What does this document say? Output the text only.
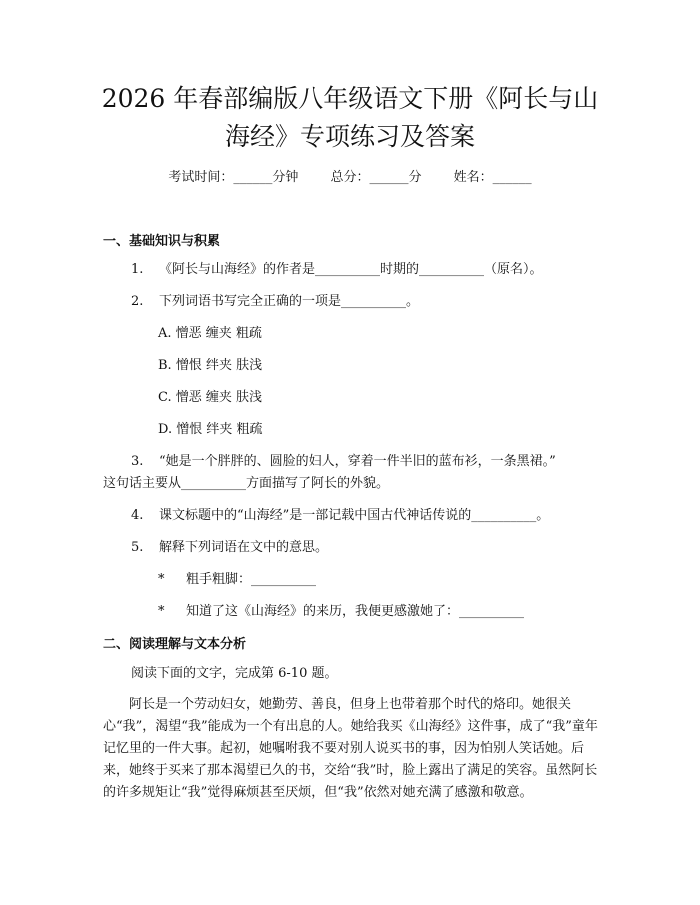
2026 年春部编版八年级语文下册《阿长与山
海经》专项练习及答案
考试时间：______分钟 总分：______分 姓名：______
一、基础知识与积累
1. 《阿长与山海经》的作者是__________时期的__________（原名）。
2. 下列词语书写完全正确的一项是__________。
A. 憎恶 缠夹 粗疏
B. 憎恨 绊夹 肤浅
C. 憎恶 缠夹 肤浅
D. 憎恨 绊夹 粗疏
3. “她是一个胖胖的、圆脸的妇人，穿着一件半旧的蓝布衫，一条黑裙。”
这句话主要从__________方面描写了阿长的外貌。
4. 课文标题中的“山海经”是一部记载中国古代神话传说的__________。
5. 解释下列词语在文中的意思。
* 粗手粗脚：__________
* 知道了这《山海经》的来历，我便更感激她了：__________
二、阅读理解与文本分析
阅读下面的文字，完成第 6-10 题。
阿长是一个劳动妇女，她勤劳、善良，但身上也带着那个时代的烙印。她很关心“我”，渴望“我”能成为一个有出息的人。她给我买《山海经》这件事，成了“我”童年记忆里的一件大事。起初，她嘱咐我不要对别人说买书的事，因为怕别人笑话她。后来，她终于买来了那本渴望已久的书，交给“我”时，脸上露出了满足的笑容。虽然阿长的许多规矩让“我”觉得麻烦甚至厌烦，但“我”依然对她充满了感激和敬意。
